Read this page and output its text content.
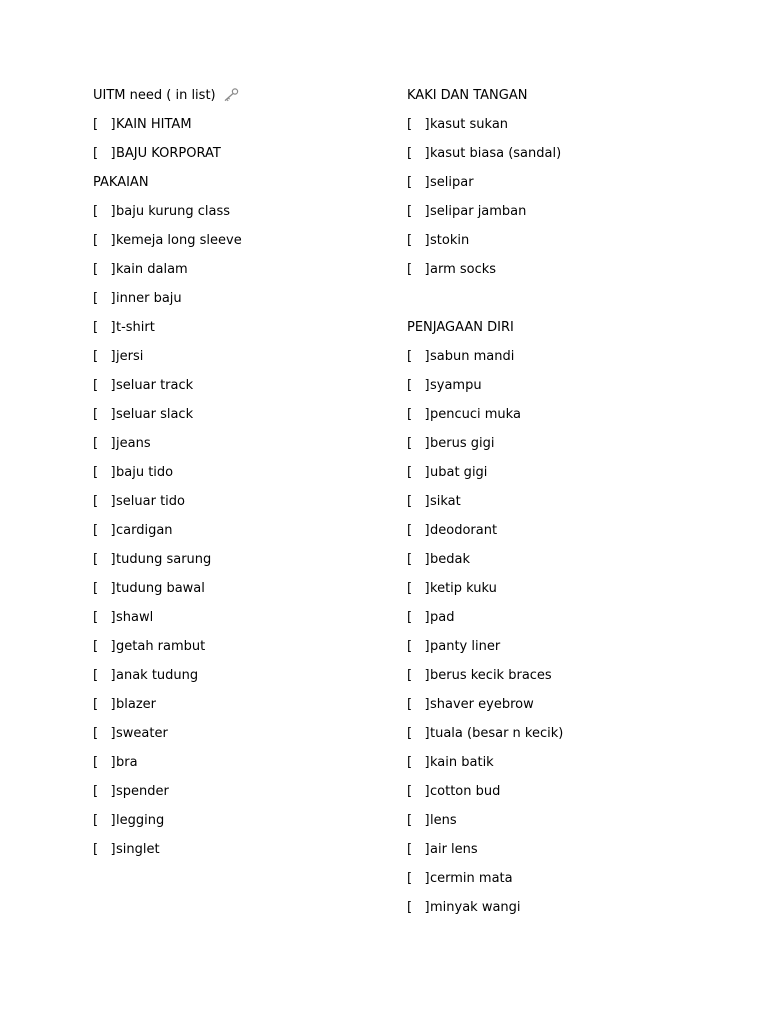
UITM need ( in list)
[   ]KAIN HITAM
[   ]BAJU KORPORAT
PAKAIAN
[   ]baju kurung class
[   ]kemeja long sleeve
[   ]kain dalam
[   ]inner baju
[   ]t-shirt
[   ]jersi
[   ]seluar track
[   ]seluar slack
[   ]jeans
[   ]baju tido
[   ]seluar tido
[   ]cardigan
[   ]tudung sarung
[   ]tudung bawal
[   ]shawl
[   ]getah rambut
[   ]anak tudung
[   ]blazer
[   ]sweater
[   ]bra
[   ]spender
[   ]legging
[   ]singlet
KAKI DAN TANGAN
[   ]kasut sukan
[   ]kasut biasa (sandal)
[   ]selipar
[   ]selipar jamban
[   ]stokin
[   ]arm socks
PENJAGAAN DIRI
[   ]sabun mandi
[   ]syampu
[   ]pencuci muka
[   ]berus gigi
[   ]ubat gigi
[   ]sikat
[   ]deodorant
[   ]bedak
[   ]ketip kuku
[   ]pad
[   ]panty liner
[   ]berus kecik braces
[   ]shaver eyebrow
[   ]tuala (besar n kecik)
[   ]kain batik
[   ]cotton bud
[   ]lens
[   ]air lens
[   ]cermin mata
[   ]minyak wangi
